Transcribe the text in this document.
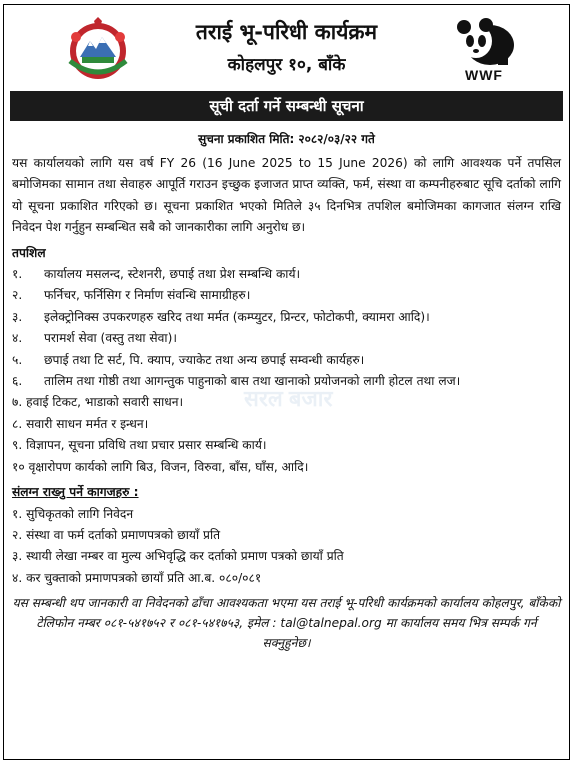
तराई भू-परिधी कार्यक्रम
कोहलपुर १०, बाँके	WWF
सूची दर्ता गर्ने सम्बन्धी सूचना
सुचना प्रकाशित मिति: २०८२/०३/२२ गते
सरल बजार

यस कार्यालयको लागि यस वर्ष FY 26 (16 June 2025 to 15 June 2026) को लागि आवश्यक पर्ने तपसिल बमोजिमका सामान तथा सेवाहरु आपूर्ति गराउन इच्छुक इजाजत प्राप्त व्यक्ति, फर्म, संस्था वा कम्पनीहरुबाट सूचि दर्ताको लागि यो सूचना प्रकाशित गरिएको छ। सूचना प्रकाशित भएको मितिले ३५ दिनभित्र तपशिल बमोजिमका कागजात संलग्न राखि निवेदन पेश गर्नुहुन सम्बन्धित सबै को जानकारीका लागि अनुरोध छ।

तपशिल
१.	कार्यालय मसलन्द, स्टेशनरी, छपाई तथा प्रेश सम्बन्धि कार्य।
२.	फर्निचर, फर्निसिग र निर्माण संवन्धि सामाग्रीहरु।
३.	इलेक्ट्रोनिक्स उपकरणहरु खरिद तथा मर्मत (कम्प्युटर, प्रिन्टर, फोटोकपी, क्यामरा आदि)।
४.	परामर्श सेवा (वस्तु तथा सेवा)।
५.	छपाई तथा टि सर्ट, पि. क्याप, ज्याकेट तथा अन्य छपाई सम्वन्धी कार्यहरु।
६.	तालिम तथा गोष्ठी तथा आगन्तुक पाहुनाको बास तथा खानाको प्रयोजनको लागी होटल तथा लज।
७.
हवाई टिकट, भाडाको सवारी साधन।
८.
सवारी साधन मर्मत र इन्धन।
९.
विज्ञापन, सूचना प्रविधि तथा प्रचार प्रसार सम्बन्धि कार्य।
१०
वृक्षारोपण कार्यको लागि बिउ, विजन, विरुवा, बाँस, घाँस, आदि।
संलग्न राख्नु पर्ने कागजहरु :
१.
सुचिकृतको लागि निवेदन
२.
संस्था वा फर्म दर्ताको प्रमाणपत्रको छायाँ प्रति
३.
स्थायी लेखा नम्बर वा मुल्य अभिवृद्धि कर दर्ताको प्रमाण पत्रको छायाँ प्रति
४.
कर चुक्ताको प्रमाणपत्रको छायाँ प्रति आ.ब. ०८०/०८१
यस सम्बन्धी थप जानकारी वा निवेदनको ढाँचा आवश्यकता भएमा यस तराई भू-परिधी कार्यक्रमको कार्यालय कोहलपुर, बाँकेको टेलिफोन नम्बर ०८१-५४१७५२ र ०८१-५४१७५३, इमेल : tal@talnepal.org मा कार्यालय समय भित्र सम्पर्क गर्न सक्नुहुनेछ।
